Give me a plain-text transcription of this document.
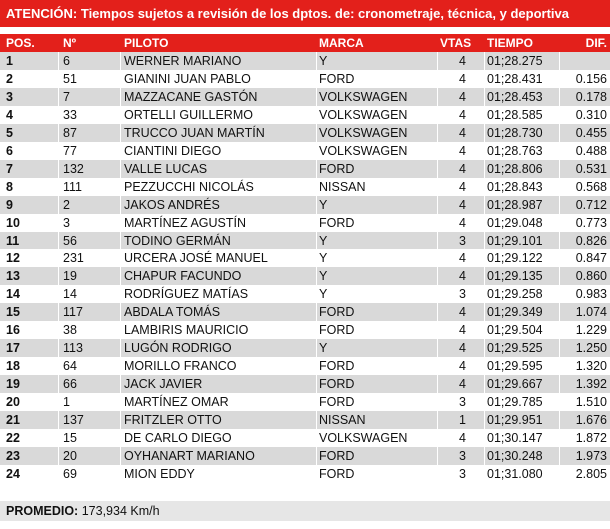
ATENCIÓN: Tiempos sujetos a revisión de los dptos. de: cronometraje, técnica, y deportiva
POS. Nº	PILOTO	MARCA	VTAS TIEMPO	DIF.
1	6	WERNER MARIANO	Y	4 01;28.275
2	51	GIANINI JUAN PABLO	FORD	4 01;28.431	0.156
3	7	MAZZACANE GASTÓN	VOLKSWAGEN	4 01;28.453	0.178
4	33	ORTELLI GUILLERMO	VOLKSWAGEN	4 01;28.585	0.310
5	87	TRUCCO JUAN MARTÍN	VOLKSWAGEN	4 01;28.730	0.455
6	77	CIANTINI DIEGO	VOLKSWAGEN	4 01;28.763	0.488
7	132	VALLE LUCAS	FORD	4 01;28.806	0.531
8	111	PEZZUCCHI NICOLÁS	NISSAN	4 01;28.843	0.568
9	2	JAKOS ANDRÉS	Y	4 01;28.987	0.712
10	3	MARTÍNEZ AGUSTÍN	FORD	4 01;29.048	0.773
11	56	TODINO GERMÁN	Y	3 01;29.101	0.826
12	231	URCERA JOSÉ MANUEL	Y	4 01;29.122	0.847
13	19	CHAPUR FACUNDO	Y	4 01;29.135	0.860
14	14	RODRÍGUEZ MATÍAS	Y	3 01;29.258	0.983
15	117	ABDALA TOMÁS	FORD	4 01;29.349	1.074
16	38	LAMBIRIS MAURICIO	FORD	4 01;29.504	1.229
17	113	LUGÓN RODRIGO	Y	4 01;29.525	1.250
18	64	MORILLO FRANCO	FORD	4 01;29.595	1.320
19	66	JACK JAVIER	FORD	4 01;29.667	1.392
20	1	MARTÍNEZ OMAR	FORD	3 01;29.785	1.510
21	137	FRITZLER OTTO	NISSAN	1 01;29.951	1.676
22	15	DE CARLO DIEGO	VOLKSWAGEN	4 01;30.147	1.872
23	20	OYHANART MARIANO	FORD	3 01;30.248	1.973
24	69	MION EDDY	FORD	3 01;31.080	2.805
PROMEDIO: 173,934 Km/h
